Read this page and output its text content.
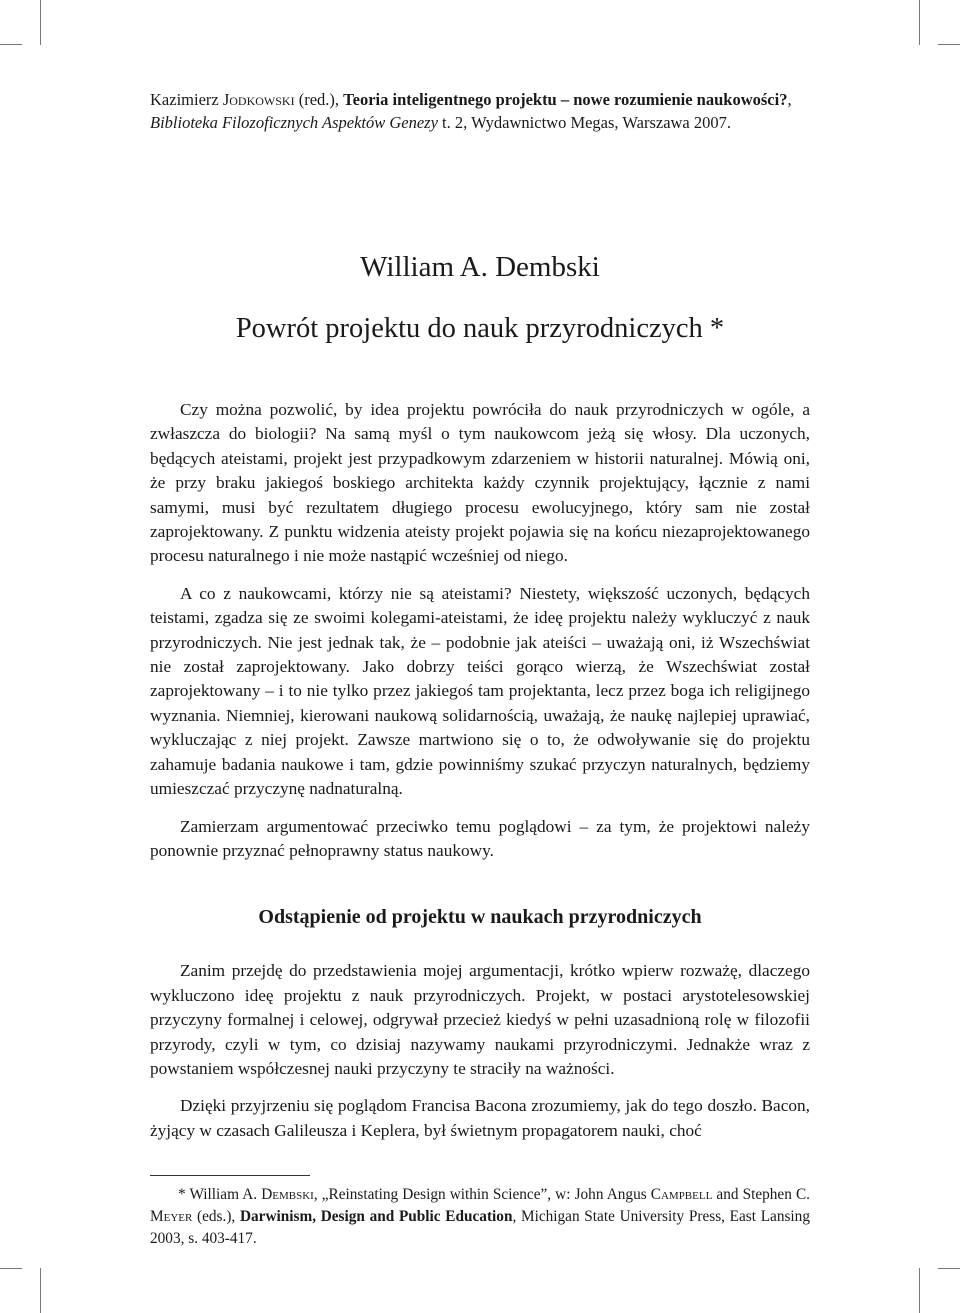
Kazimierz Jodkowski (red.), Teoria inteligentnego projektu – nowe rozumienie naukowości?, Biblioteka Filozoficznych Aspektów Genezy t. 2, Wydawnictwo Megas, Warszawa 2007.

William A. Dembski
Powrót projektu do nauk przyrodniczych *

Czy można pozwolić, by idea projektu powróciła do nauk przyrodniczych w ogóle, a zwłaszcza do biologii? Na samą myśl o tym naukowcom jeżą się włosy. Dla uczonych, będących ateistami, projekt jest przypadkowym zdarzeniem w historii naturalnej. Mówią oni, że przy braku jakiegoś boskiego architekta każdy czynnik projektujący, łącznie z nami samymi, musi być rezultatem długiego procesu ewolucyjnego, który sam nie został zaprojektowany. Z punktu widzenia ateisty projekt pojawia się na końcu niezaprojektowanego procesu naturalnego i nie może nastąpić wcześniej od niego.

A co z naukowcami, którzy nie są ateistami? Niestety, większość uczonych, będących teistami, zgadza się ze swoimi kolegami-ateistami, że ideę projektu należy wykluczyć z nauk przyrodniczych. Nie jest jednak tak, że – podobnie jak ateiści – uważają oni, iż Wszechświat nie został zaprojektowany. Jako dobrzy teiści gorąco wierzą, że Wszechświat został zaprojektowany – i to nie tylko przez jakiegoś tam projektanta, lecz przez boga ich religijnego wyznania. Niemniej, kierowani naukową solidarnością, uważają, że naukę najlepiej uprawiać, wykluczając z niej projekt. Zawsze martwiono się o to, że odwoływanie się do projektu zahamuje badania naukowe i tam, gdzie powinniśmy szukać przyczyn naturalnych, będziemy umieszczać przyczynę nadnaturalną.

Zamierzam argumentować przeciwko temu poglądowi – za tym, że projektowi należy ponownie przyznać pełnoprawny status naukowy.

Odstąpienie od projektu w naukach przyrodniczych

Zanim przejdę do przedstawienia mojej argumentacji, krótko wpierw rozważę, dlaczego wykluczono ideę projektu z nauk przyrodniczych. Projekt, w postaci arystotelesowskiej przyczyny formalnej i celowej, odgrywał przecież kiedyś w pełni uzasadnioną rolę w filozofii przyrody, czyli w tym, co dzisiaj nazywamy naukami przyrodniczymi. Jednakże wraz z powstaniem współczesnej nauki przyczyny te straciły na ważności.

Dzięki przyjrzeniu się poglądom Francisa Bacona zrozumiemy, jak do tego doszło. Bacon, żyjący w czasach Galileusza i Keplera, był świetnym propagatorem nauki, choć

* William A. Dembski, „Reinstating Design within Science”, w: John Angus Campbell and Stephen C. Meyer (eds.), Darwinism, Design and Public Education, Michigan State University Press, East Lansing 2003, s. 403-417.
